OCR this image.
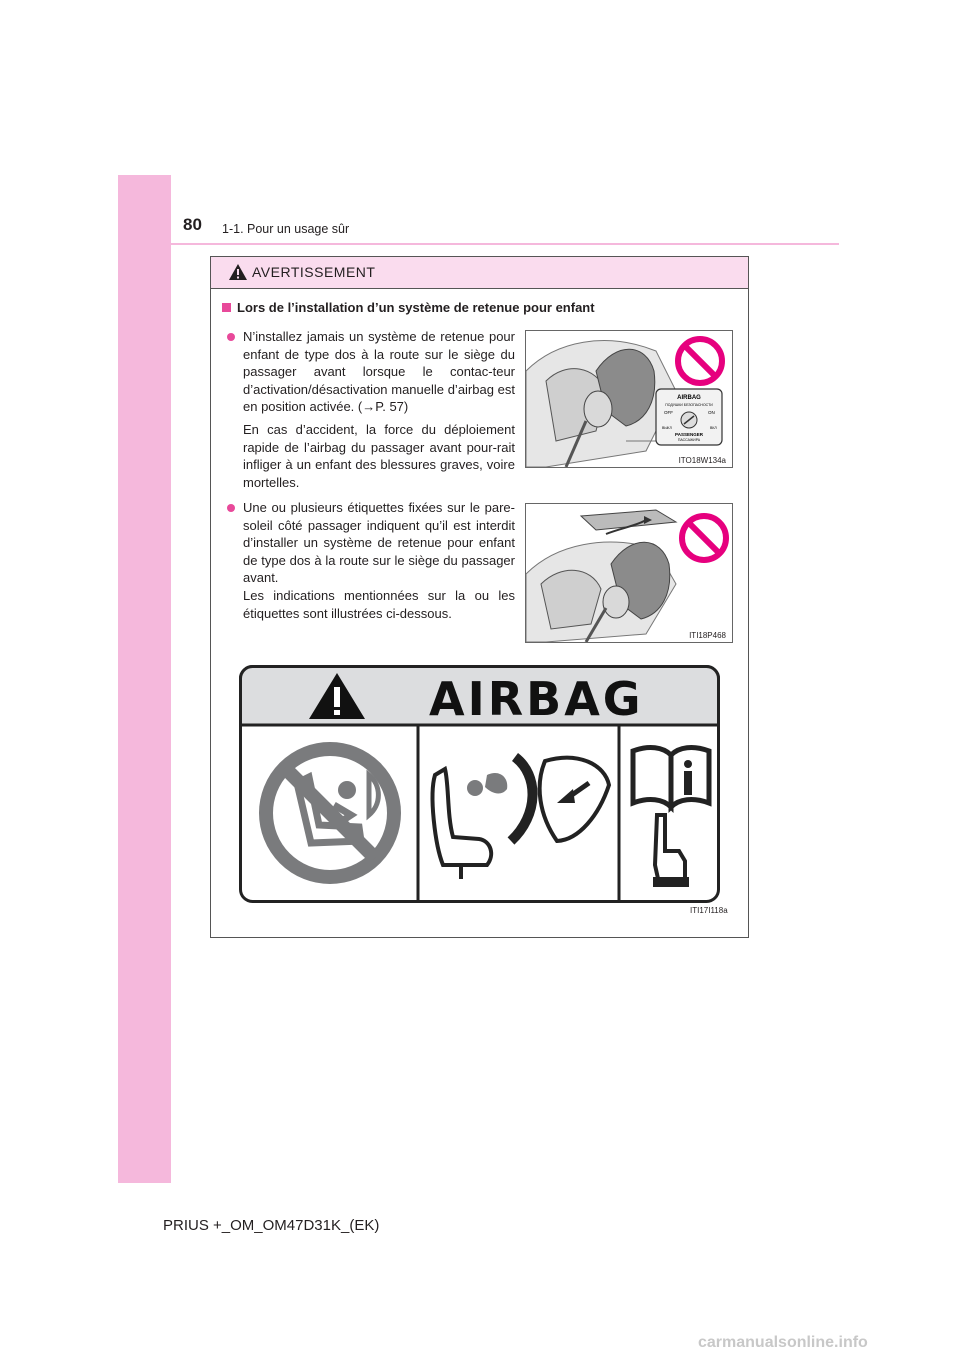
80 1-1. Pour un usage sûr
AVERTISSEMENT
Lors de l’installation d’un système de retenue pour enfant
N’installez jamais un système de retenue pour enfant de type dos à la route sur le siège du passager avant lorsque le contac-teur d’activation/désactivation manuelle d’airbag est en position activée. (→P. 57)
En cas d’accident, la force du déploiement rapide de l’airbag du passager avant pour-rait infliger à un enfant des blessures graves, voire mortelles.
AIRBAG
ПОДУШКИ БЕЗОПАСНОСТИ
OFF	ON
ВЫКЛ	ВКЛ
PASSENGER
ПАССАЖИРА
ITO18W134a
Une ou plusieurs étiquettes fixées sur le pare-soleil côté passager indiquent qu’il est interdit d’installer un système de retenue pour enfant de type dos à la route sur le siège du passager avant.
Les indications mentionnées sur la ou les étiquettes sont illustrées ci-dessous.
ITI18P468
AIRBAG
ITI17I118a
PRIUS +_OM_OM47D31K_(EK)
carmanualsonline.info
